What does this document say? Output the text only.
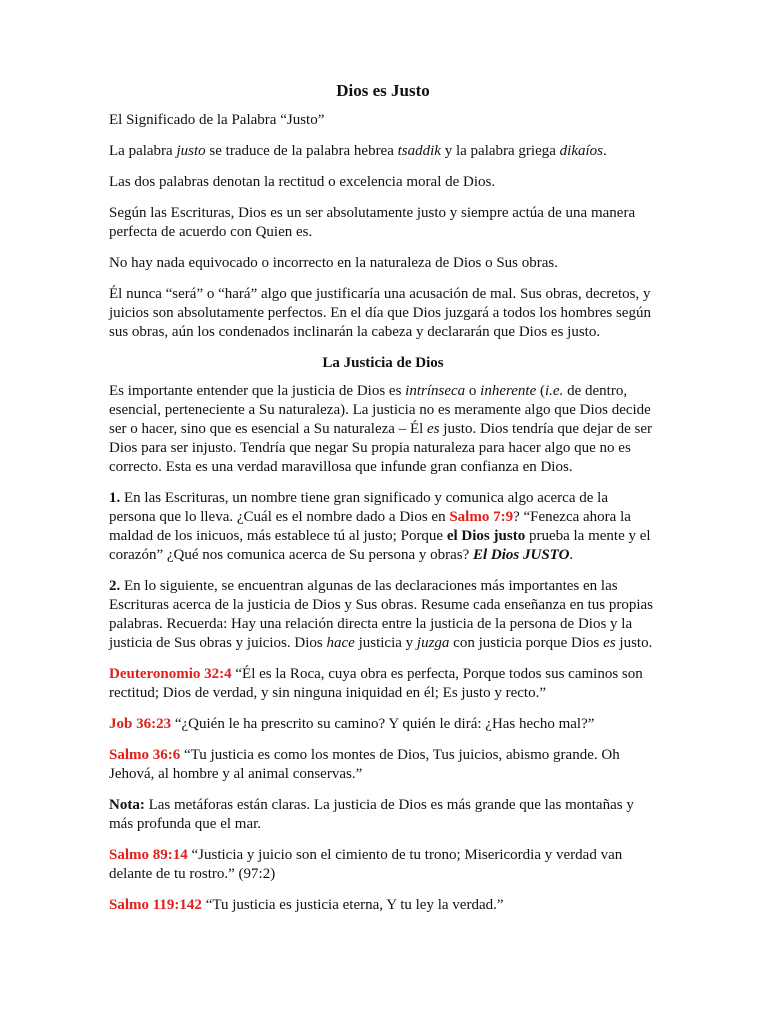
Dios es Justo

El Significado de la Palabra “Justo”

La palabra justo se traduce de la palabra hebrea tsaddik y la palabra griega dikaíos.

Las dos palabras denotan la rectitud o excelencia moral de Dios.

Según las Escrituras, Dios es un ser absolutamente justo y siempre actúa de una manera perfecta de acuerdo con Quien es.

No hay nada equivocado o incorrecto en la naturaleza de Dios o Sus obras.

Él nunca “será” o “hará” algo que justificaría una acusación de mal. Sus obras, decretos, y juicios son absolutamente perfectos. En el día que Dios juzgará a todos los hombres según sus obras, aún los condenados inclinarán la cabeza y declararán que Dios es justo.

La Justicia de Dios

Es importante entender que la justicia de Dios es intrínseca o inherente (i.e. de dentro, esencial, perteneciente a Su naturaleza). La justicia no es meramente algo que Dios decide ser o hacer, sino que es esencial a Su naturaleza – Él es justo. Dios tendría que dejar de ser Dios para ser injusto. Tendría que negar Su propia naturaleza para hacer algo que no es correcto. Esta es una verdad maravillosa que infunde gran confianza en Dios.

1. En las Escrituras, un nombre tiene gran significado y comunica algo acerca de la persona que lo lleva. ¿Cuál es el nombre dado a Dios en Salmo 7:9? “Fenezca ahora la maldad de los inicuos, más establece tú al justo; Porque el Dios justo prueba la mente y el corazón” ¿Qué nos comunica acerca de Su persona y obras? El Dios JUSTO.

2. En lo siguiente, se encuentran algunas de las declaraciones más importantes en las Escrituras acerca de la justicia de Dios y Sus obras. Resume cada enseñanza en tus propias palabras. Recuerda: Hay una relación directa entre la justicia de la persona de Dios y la justicia de Sus obras y juicios. Dios hace justicia y juzga con justicia porque Dios es justo.

Deuteronomio 32:4 “Él es la Roca, cuya obra es perfecta, Porque todos sus caminos son rectitud; Dios de verdad, y sin ninguna iniquidad en él; Es justo y recto.”

Job 36:23 “¿Quién le ha prescrito su camino? Y quién le dirá: ¿Has hecho mal?”

Salmo 36:6 “Tu justicia es como los montes de Dios, Tus juicios, abismo grande. Oh Jehová, al hombre y al animal conservas.”

Nota: Las metáforas están claras. La justicia de Dios es más grande que las montañas y más profunda que el mar.

Salmo 89:14 “Justicia y juicio son el cimiento de tu trono; Misericordia y verdad van delante de tu rostro.” (97:2)

Salmo 119:142 “Tu justicia es justicia eterna, Y tu ley la verdad.”
